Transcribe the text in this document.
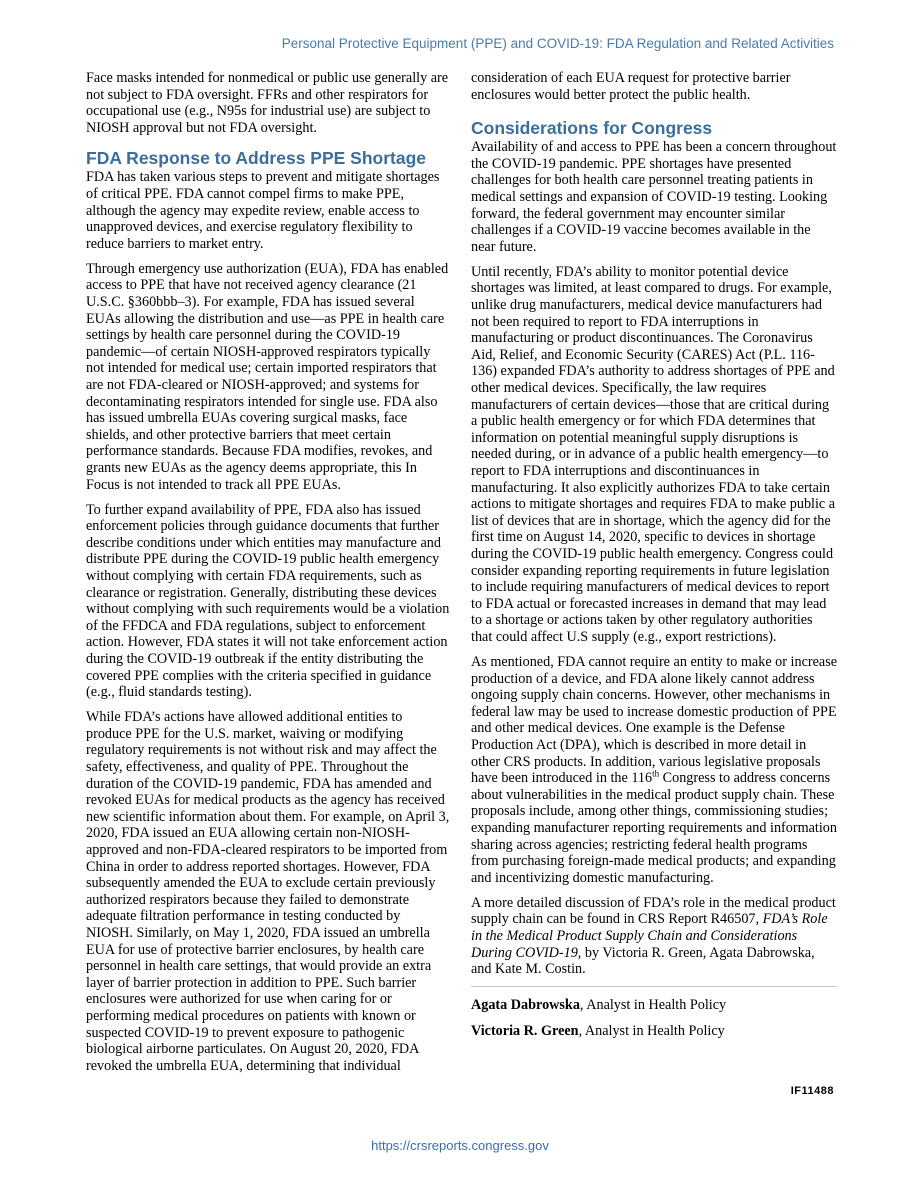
Personal Protective Equipment (PPE) and COVID-19: FDA Regulation and Related Activities

Face masks intended for nonmedical or public use generally are not subject to FDA oversight. FFRs and other respirators for occupational use (e.g., N95s for industrial use) are subject to NIOSH approval but not FDA oversight.

FDA Response to Address PPE Shortage

FDA has taken various steps to prevent and mitigate shortages of critical PPE. FDA cannot compel firms to make PPE, although the agency may expedite review, enable access to unapproved devices, and exercise regulatory flexibility to reduce barriers to market entry.

Through emergency use authorization (EUA), FDA has enabled access to PPE that have not received agency clearance (21 U.S.C. §360bbb–3). For example, FDA has issued several EUAs allowing the distribution and use—as PPE in health care settings by health care personnel during the COVID-19 pandemic—of certain NIOSH-approved respirators typically not intended for medical use; certain imported respirators that are not FDA-cleared or NIOSH-approved; and systems for decontaminating respirators intended for single use. FDA also has issued umbrella EUAs covering surgical masks, face shields, and other protective barriers that meet certain performance standards. Because FDA modifies, revokes, and grants new EUAs as the agency deems appropriate, this In Focus is not intended to track all PPE EUAs.

To further expand availability of PPE, FDA also has issued enforcement policies through guidance documents that further describe conditions under which entities may manufacture and distribute PPE during the COVID-19 public health emergency without complying with certain FDA requirements, such as clearance or registration. Generally, distributing these devices without complying with such requirements would be a violation of the FFDCA and FDA regulations, subject to enforcement action. However, FDA states it will not take enforcement action during the COVID-19 outbreak if the entity distributing the covered PPE complies with the criteria specified in guidance (e.g., fluid standards testing).

While FDA’s actions have allowed additional entities to produce PPE for the U.S. market, waiving or modifying regulatory requirements is not without risk and may affect the safety, effectiveness, and quality of PPE. Throughout the duration of the COVID-19 pandemic, FDA has amended and revoked EUAs for medical products as the agency has received new scientific information about them. For example, on April 3, 2020, FDA issued an EUA allowing certain non-NIOSH-approved and non-FDA-cleared respirators to be imported from China in order to address reported shortages. However, FDA subsequently amended the EUA to exclude certain previously authorized respirators because they failed to demonstrate adequate filtration performance in testing conducted by NIOSH. Similarly, on May 1, 2020, FDA issued an umbrella EUA for use of protective barrier enclosures, by health care personnel in health care settings, that would provide an extra layer of barrier protection in addition to PPE. Such barrier enclosures were authorized for use when caring for or performing medical procedures on patients with known or suspected COVID-19 to prevent exposure to pathogenic biological airborne particulates. On August 20, 2020, FDA revoked the umbrella EUA, determining that individual

consideration of each EUA request for protective barrier enclosures would better protect the public health.

Considerations for Congress

Availability of and access to PPE has been a concern throughout the COVID-19 pandemic. PPE shortages have presented challenges for both health care personnel treating patients in medical settings and expansion of COVID-19 testing. Looking forward, the federal government may encounter similar challenges if a COVID-19 vaccine becomes available in the near future.

Until recently, FDA’s ability to monitor potential device shortages was limited, at least compared to drugs. For example, unlike drug manufacturers, medical device manufacturers had not been required to report to FDA interruptions in manufacturing or product discontinuances. The Coronavirus Aid, Relief, and Economic Security (CARES) Act (P.L. 116-136) expanded FDA’s authority to address shortages of PPE and other medical devices. Specifically, the law requires manufacturers of certain devices—those that are critical during a public health emergency or for which FDA determines that information on potential meaningful supply disruptions is needed during, or in advance of a public health emergency—to report to FDA interruptions and discontinuances in manufacturing. It also explicitly authorizes FDA to take certain actions to mitigate shortages and requires FDA to make public a list of devices that are in shortage, which the agency did for the first time on August 14, 2020, specific to devices in shortage during the COVID-19 public health emergency. Congress could consider expanding reporting requirements in future legislation to include requiring manufacturers of medical devices to report to FDA actual or forecasted increases in demand that may lead to a shortage or actions taken by other regulatory authorities that could affect U.S supply (e.g., export restrictions).

As mentioned, FDA cannot require an entity to make or increase production of a device, and FDA alone likely cannot address ongoing supply chain concerns. However, other mechanisms in federal law may be used to increase domestic production of PPE and other medical devices. One example is the Defense Production Act (DPA), which is described in more detail in other CRS products. In addition, various legislative proposals have been introduced in the 116th Congress to address concerns about vulnerabilities in the medical product supply chain. These proposals include, among other things, commissioning studies; expanding manufacturer reporting requirements and information sharing across agencies; restricting federal health programs from purchasing foreign-made medical products; and expanding and incentivizing domestic manufacturing.

A more detailed discussion of FDA’s role in the medical product supply chain can be found in CRS Report R46507, FDA’s Role in the Medical Product Supply Chain and Considerations During COVID-19, by Victoria R. Green, Agata Dabrowska, and Kate M. Costin.

Agata Dabrowska, Analyst in Health Policy

Victoria R. Green, Analyst in Health Policy

IF11488
https://crsreports.congress.gov
